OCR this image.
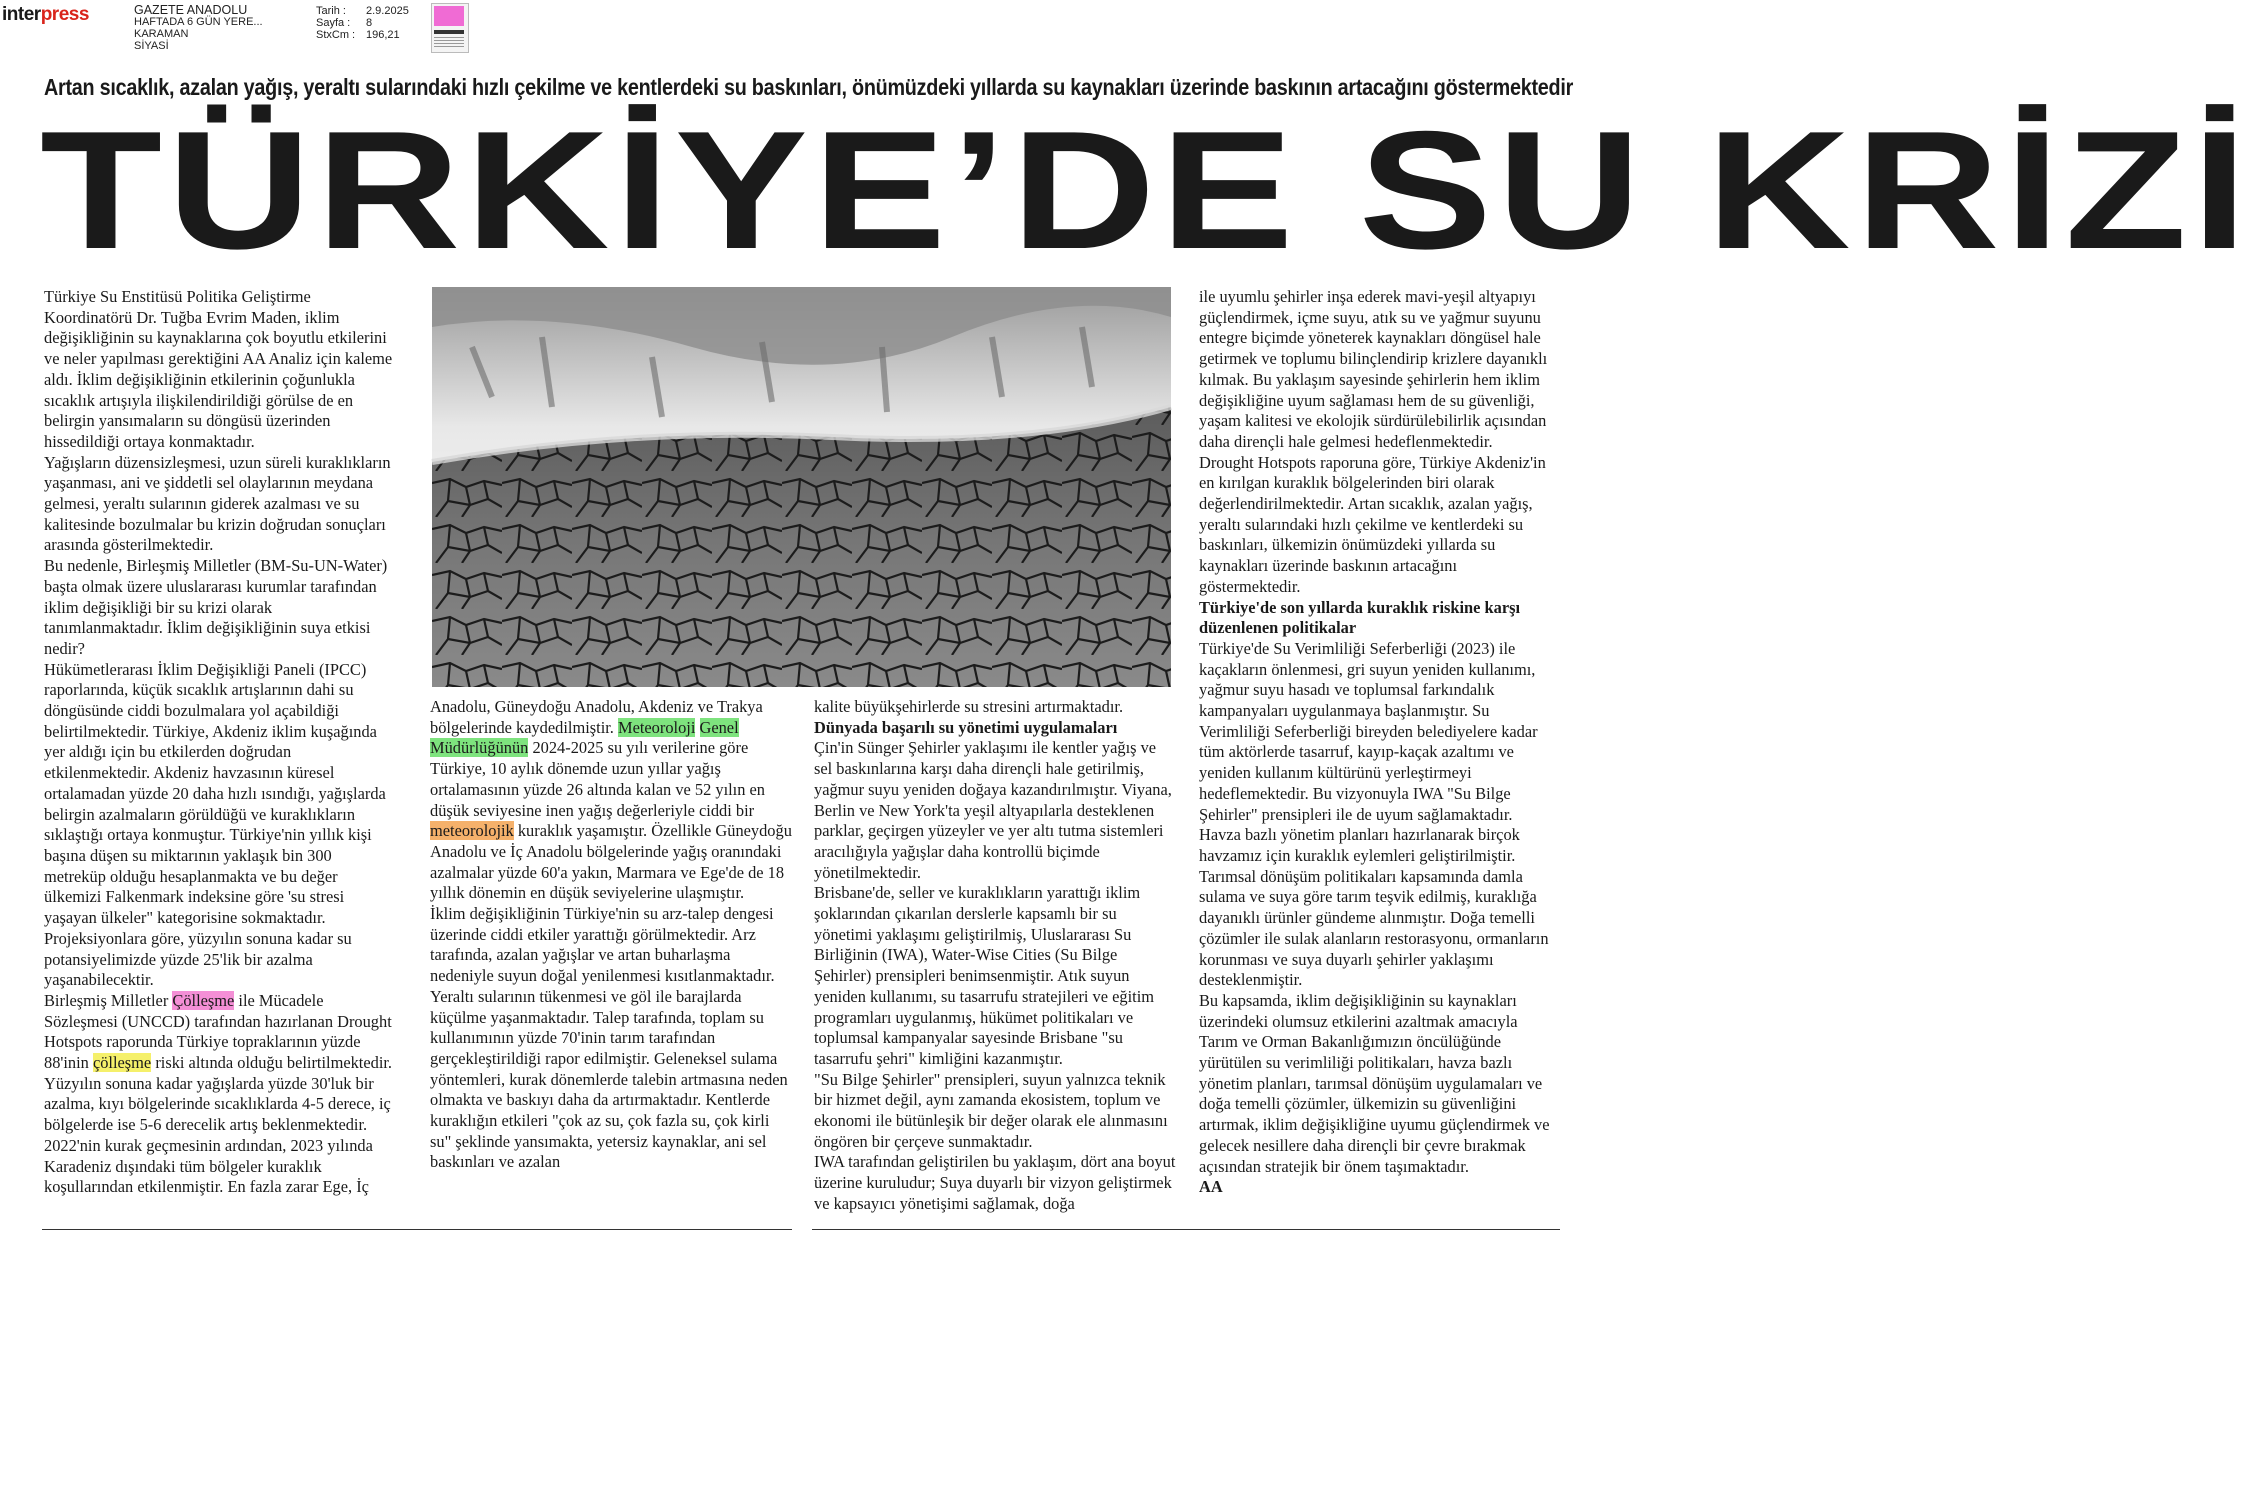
interpress	GAZETE ANADOLU
HAFTADA 6 GÜN YERE...
KARAMAN
SİYASİ
Tarih :
Sayfa :
StxCm :
2.9.2025
8
196,21
Artan sıcaklık, azalan yağış, yeraltı sularındaki hızlı çekilme ve kentlerdeki su baskınları, önümüzdeki yıllarda su kaynakları üzerinde baskının artacağını göstermektedir
TÜRKİYE’DE SU KRİZİ

Türkiye Su Enstitüsü Politika Geliştirme Koordinatörü Dr. Tuğba Evrim Maden, iklim değişikliğinin su kaynaklarına çok boyutlu etkilerini ve neler yapılması gerektiğini AA Analiz için kaleme aldı. İklim değişikliğinin etkilerinin çoğunlukla sıcaklık artışıyla ilişkilendirildiği görülse de en belirgin yansımaların su döngüsü üzerinden hissedildiği ortaya konmaktadır.

Yağışların düzensizleşmesi, uzun süreli kuraklıkların yaşanması, ani ve şiddetli sel olaylarının meydana gelmesi, yeraltı sularının giderek azalması ve su kalitesinde bozulmalar bu krizin doğrudan sonuçları arasında gösterilmektedir.

Bu nedenle, Birleşmiş Milletler (BM-Su-UN-Water) başta olmak üzere uluslararası kurumlar tarafından iklim değişikliği bir su krizi olarak tanımlanmaktadır. İklim değişikliğinin suya etkisi nedir?

Hükümetlerarası İklim Değişikliği Paneli (IPCC) raporlarında, küçük sıcaklık artışlarının dahi su döngüsünde ciddi bozulmalara yol açabildiği belirtilmektedir. Türkiye, Akdeniz iklim kuşağında yer aldığı için bu etkilerden doğrudan etkilenmektedir. Akdeniz havzasının küresel ortalamadan yüzde 20 daha hızlı ısındığı, yağışlarda belirgin azalmaların görüldüğü ve kuraklıkların sıklaştığı ortaya konmuştur. Türkiye'nin yıllık kişi başına düşen su miktarının yaklaşık bin 300 metreküp olduğu hesaplanmakta ve bu değer ülkemizi Falkenmark indeksine göre 'su stresi yaşayan ülkeler" kategorisine sokmaktadır.

Projeksiyonlara göre, yüzyılın sonuna kadar su potansiyelimizde yüzde 25'lik bir azalma yaşanabilecektir.

Birleşmiş Milletler Çölleşme ile Mücadele Sözleşmesi (UNCCD) tarafından hazırlanan Drought Hotspots raporunda Türkiye topraklarının yüzde 88'inin çölleşme riski altında olduğu belirtilmektedir. Yüzyılın sonuna kadar yağışlarda yüzde 30'luk bir azalma, kıyı bölgelerinde sıcaklıklarda 4-5 derece, iç bölgelerde ise 5-6 derecelik artış beklenmektedir.

2022'nin kurak geçmesinin ardından, 2023 yılında Karadeniz dışındaki tüm bölgeler kuraklık koşullarından etkilenmiştir. En fazla zarar Ege, İç

Anadolu, Güneydoğu Anadolu, Akdeniz ve Trakya bölgelerinde kaydedilmiştir. Meteoroloji Genel Müdürlüğünün 2024-2025 su yılı verilerine göre Türkiye, 10 aylık dönemde uzun yıllar yağış ortalamasının yüzde 26 altında kalan ve 52 yılın en düşük seviyesine inen yağış değerleriyle ciddi bir meteorolojik kuraklık yaşamıştır. Özellikle Güneydoğu Anadolu ve İç Anadolu bölgelerinde yağış oranındaki azalmalar yüzde 60'a yakın, Marmara ve Ege'de de 18 yıllık dönemin en düşük seviyelerine ulaşmıştır.

İklim değişikliğinin Türkiye'nin su arz-talep dengesi üzerinde ciddi etkiler yarattığı görülmektedir. Arz tarafında, azalan yağışlar ve artan buharlaşma nedeniyle suyun doğal yenilenmesi kısıtlanmaktadır. Yeraltı sularının tükenmesi ve göl ile barajlarda küçülme yaşanmaktadır. Talep tarafında, toplam su kullanımının yüzde 70'inin tarım tarafından gerçekleştirildiği rapor edilmiştir. Geleneksel sulama yöntemleri, kurak dönemlerde talebin artmasına neden olmakta ve baskıyı daha da artırmaktadır. Kentlerde kuraklığın etkileri "çok az su, çok fazla su, çok kirli su" şeklinde yansımakta, yetersiz kaynaklar, ani sel baskınları ve azalan

kalite büyükşehirlerde su stresini artırmaktadır.

Dünyada başarılı su yönetimi uygulamaları

Çin'in Sünger Şehirler yaklaşımı ile kentler yağış ve sel baskınlarına karşı daha dirençli hale getirilmiş, yağmur suyu yeniden doğaya kazandırılmıştır. Viyana, Berlin ve New York'ta yeşil altyapılarla desteklenen parklar, geçirgen yüzeyler ve yer altı tutma sistemleri aracılığıyla yağışlar daha kontrollü biçimde yönetilmektedir.

Brisbane'de, seller ve kuraklıkların yarattığı iklim şoklarından çıkarılan derslerle kapsamlı bir su yönetimi yaklaşımı geliştirilmiş, Uluslararası Su Birliğinin (IWA), Water-Wise Cities (Su Bilge Şehirler) prensipleri benimsenmiştir. Atık suyun yeniden kullanımı, su tasarrufu stratejileri ve eğitim programları uygulanmış, hükümet politikaları ve toplumsal kampanyalar sayesinde Brisbane "su tasarrufu şehri" kimliğini kazanmıştır.

"Su Bilge Şehirler" prensipleri, suyun yalnızca teknik bir hizmet değil, aynı zamanda ekosistem, toplum ve ekonomi ile bütünleşik bir değer olarak ele alınmasını öngören bir çerçeve sunmaktadır.

IWA tarafından geliştirilen bu yaklaşım, dört ana boyut üzerine kuruludur; Suya duyarlı bir vizyon geliştirmek ve kapsayıcı yönetişimi sağlamak, doğa

ile uyumlu şehirler inşa ederek mavi-yeşil altyapıyı güçlendirmek, içme suyu, atık su ve yağmur suyunu entegre biçimde yöneterek kaynakları döngüsel hale getirmek ve toplumu bilinçlendirip krizlere dayanıklı kılmak. Bu yaklaşım sayesinde şehirlerin hem iklim değişikliğine uyum sağlaması hem de su güvenliği, yaşam kalitesi ve ekolojik sürdürülebilirlik açısından daha dirençli hale gelmesi hedeflenmektedir.

Drought Hotspots raporuna göre, Türkiye Akdeniz'in en kırılgan kuraklık bölgelerinden biri olarak değerlendirilmektedir. Artan sıcaklık, azalan yağış, yeraltı sularındaki hızlı çekilme ve kentlerdeki su baskınları, ülkemizin önümüzdeki yıllarda su kaynakları üzerinde baskının artacağını göstermektedir.

Türkiye'de son yıllarda kuraklık riskine karşı düzenlenen politikalar

Türkiye'de Su Verimliliği Seferberliği (2023) ile kaçakların önlenmesi, gri suyun yeniden kullanımı, yağmur suyu hasadı ve toplumsal farkındalık kampanyaları uygulanmaya başlanmıştır. Su Verimliliği Seferberliği bireyden belediyelere kadar tüm aktörlerde tasarruf, kayıp-kaçak azaltımı ve yeniden kullanım kültürünü yerleştirmeyi hedeflemektedir. Bu vizyonuyla IWA "Su Bilge Şehirler" prensipleri ile de uyum sağlamaktadır.

Havza bazlı yönetim planları hazırlanarak birçok havzamız için kuraklık eylemleri geliştirilmiştir.

Tarımsal dönüşüm politikaları kapsamında damla sulama ve suya göre tarım teşvik edilmiş, kuraklığa dayanıklı ürünler gündeme alınmıştır. Doğa temelli çözümler ile sulak alanların restorasyonu, ormanların korunması ve suya duyarlı şehirler yaklaşımı desteklenmiştir.

Bu kapsamda, iklim değişikliğinin su kaynakları üzerindeki olumsuz etkilerini azaltmak amacıyla Tarım ve Orman Bakanlığımızın öncülüğünde yürütülen su verimliliği politikaları, havza bazlı yönetim planları, tarımsal dönüşüm uygulamaları ve doğa temelli çözümler, ülkemizin su güvenliğini artırmak, iklim değişikliğine uyumu güçlendirmek ve gelecek nesillere daha dirençli bir çevre bırakmak açısından stratejik bir önem taşımaktadır.

AA
